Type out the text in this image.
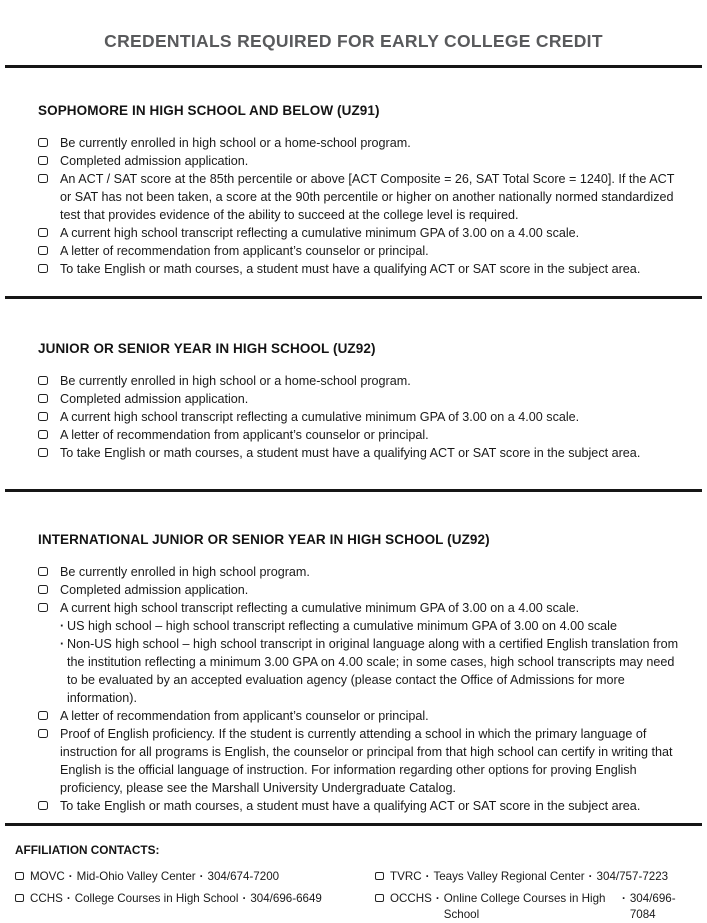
CREDENTIALS REQUIRED FOR EARLY COLLEGE CREDIT
SOPHOMORE IN HIGH SCHOOL AND BELOW (UZ91)
Be currently enrolled in high school or a home-school program.
Completed admission application.
An ACT / SAT score at the 85th percentile or above [ACT Composite = 26, SAT Total Score = 1240]. If the ACT or SAT has not been taken, a score at the 90th percentile or higher on another nationally normed standardized test that provides evidence of the ability to succeed at the college level is required.
A current high school transcript reflecting a cumulative minimum GPA of 3.00 on a 4.00 scale.
A letter of recommendation from applicant’s counselor or principal.
To take English or math courses, a student must have a qualifying ACT or SAT score in the subject area.
JUNIOR OR SENIOR YEAR IN HIGH SCHOOL (UZ92)
Be currently enrolled in high school or a home-school program.
Completed admission application.
A current high school transcript reflecting a cumulative minimum GPA of 3.00 on a 4.00 scale.
A letter of recommendation from applicant’s counselor or principal.
To take English or math courses, a student must have a qualifying ACT or SAT score in the subject area.
INTERNATIONAL JUNIOR OR SENIOR YEAR IN HIGH SCHOOL (UZ92)
Be currently enrolled in high school program.
Completed admission application.
A current high school transcript reflecting a cumulative minimum GPA of 3.00 on a 4.00 scale.
· US high school – high school transcript reflecting a cumulative minimum GPA of 3.00 on 4.00 scale
· Non-US high school – high school transcript in original language along with a certified English translation from the institution reflecting a minimum 3.00 GPA on 4.00 scale; in some cases, high school transcripts may need to be evaluated by an accepted evaluation agency (please contact the Office of Admissions for more information).
A letter of recommendation from applicant’s counselor or principal.
Proof of English proficiency. If the student is currently attending a school in which the primary language of instruction for all programs is English, the counselor or principal from that high school can certify in writing that English is the official language of instruction. For information regarding other options for proving English proficiency, please see the Marshall University Undergraduate Catalog.
To take English or math courses, a student must have a qualifying ACT or SAT score in the subject area.
AFFILIATION CONTACTS:
MOVC · Mid-Ohio Valley Center · 304/674-7200
CCHS · College Courses in High School · 304/696-6649
TVRC · Teays Valley Regional Center · 304/757-7223
OCCHS · Online College Courses in High School
· 304/696-7084
